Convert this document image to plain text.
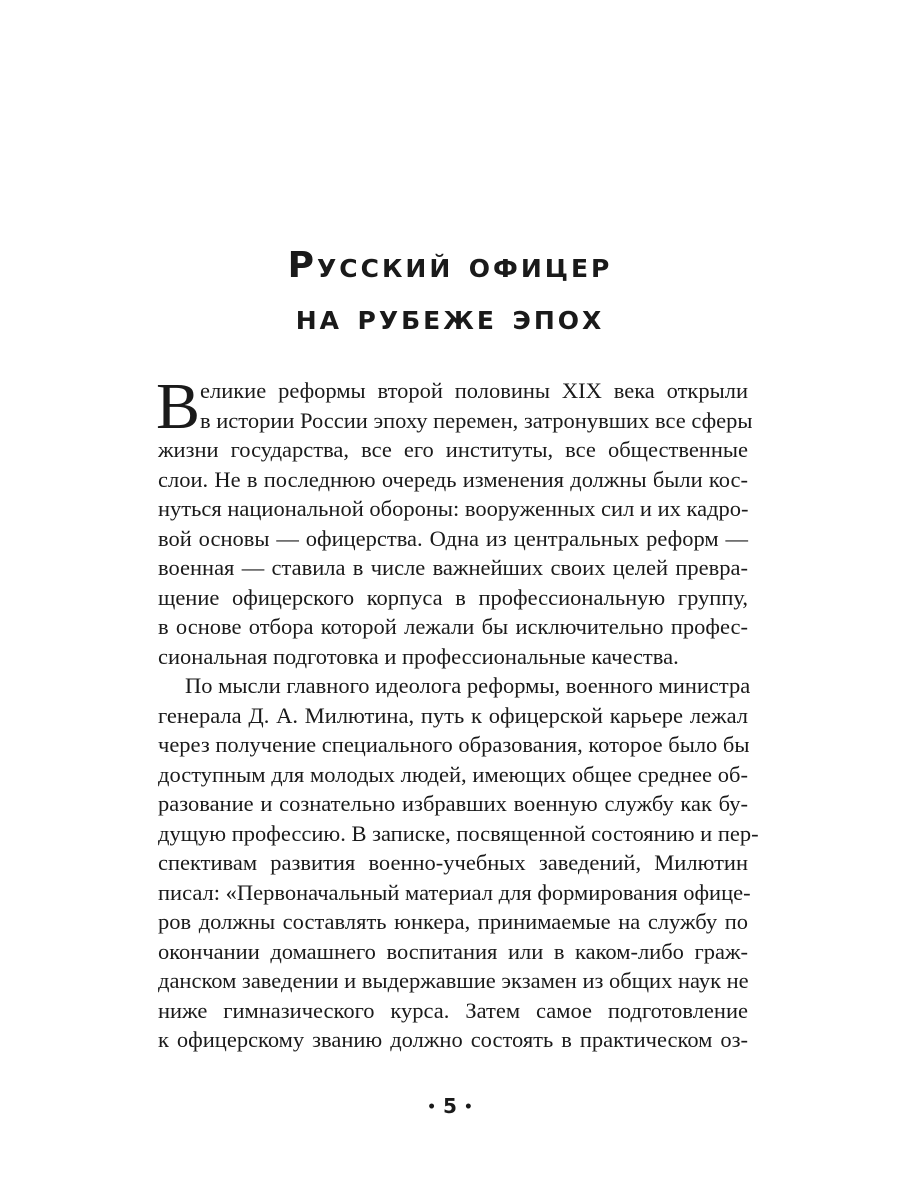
Русский офицер
на рубеже эпох
В еликие реформы второй половины XIX века открыли
в истории России эпоху перемен, затронувших все сферы
жизни государства, все его институты, все общественные
слои. Не в последнюю очередь изменения должны были кос-
нуться национальной обороны: вооруженных сил и их кадро-
вой основы — офицерства. Одна из центральных реформ —
военная — ставила в числе важнейших своих целей превра-
щение офицерского корпуса в профессиональную группу,
в основе отбора которой лежали бы исключительно профес-
сиональная подготовка и профессиональные качества.
По мысли главного идеолога реформы, военного министра
генерала Д. А. Милютина, путь к офицерской карьере лежал
через получение специального образования, которое было бы
доступным для молодых людей, имеющих общее среднее об-
разование и сознательно избравших военную службу как бу-
дущую профессию. В записке, посвященной состоянию и пер-
спективам развития военно-учебных заведений, Милютин
писал: «Первоначальный материал для формирования офице-
ров должны составлять юнкера, принимаемые на службу по
окончании домашнего воспитания или в каком-либо граж-
данском заведении и выдержавшие экзамен из общих наук не
ниже гимназического курса. Затем самое подготовление
к офицерскому званию должно состоять в практическом оз-
• 5 •
